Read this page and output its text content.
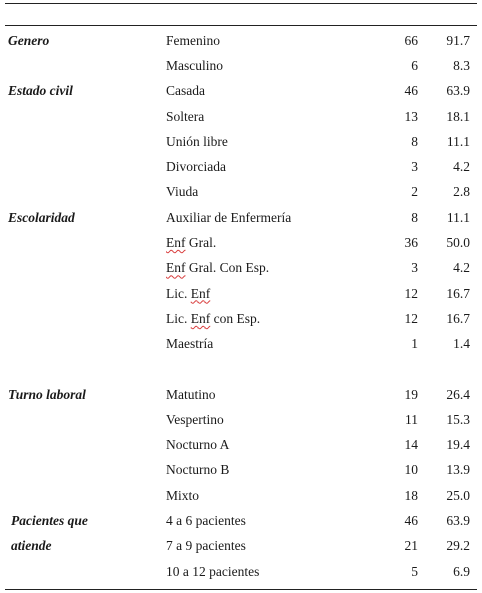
Genero	Femenino	66	91.7
	Masculino	6	8.3
Estado civil	Casada	46	63.9
	Soltera	13	18.1
	Unión libre	8	11.1
	Divorciada	3	4.2
	Viuda	2	2.8
Escolaridad	Auxiliar de Enfermería	8	11.1
	Enf Gral.	36	50.0
	Enf Gral. Con Esp.	3	4.2
	Lic. Enf	12	16.7
	Lic. Enf con Esp.	12	16.7
	Maestría	1	1.4

Turno laboral	Matutino	19	26.4
	Vespertino	11	15.3
	Nocturno A	14	19.4
	Nocturno B	10	13.9
	Mixto	18	25.0
Pacientes que	4 a 6 pacientes	46	63.9
atiende	7 a 9 pacientes	21	29.2
	10 a 12 pacientes	5	6.9
